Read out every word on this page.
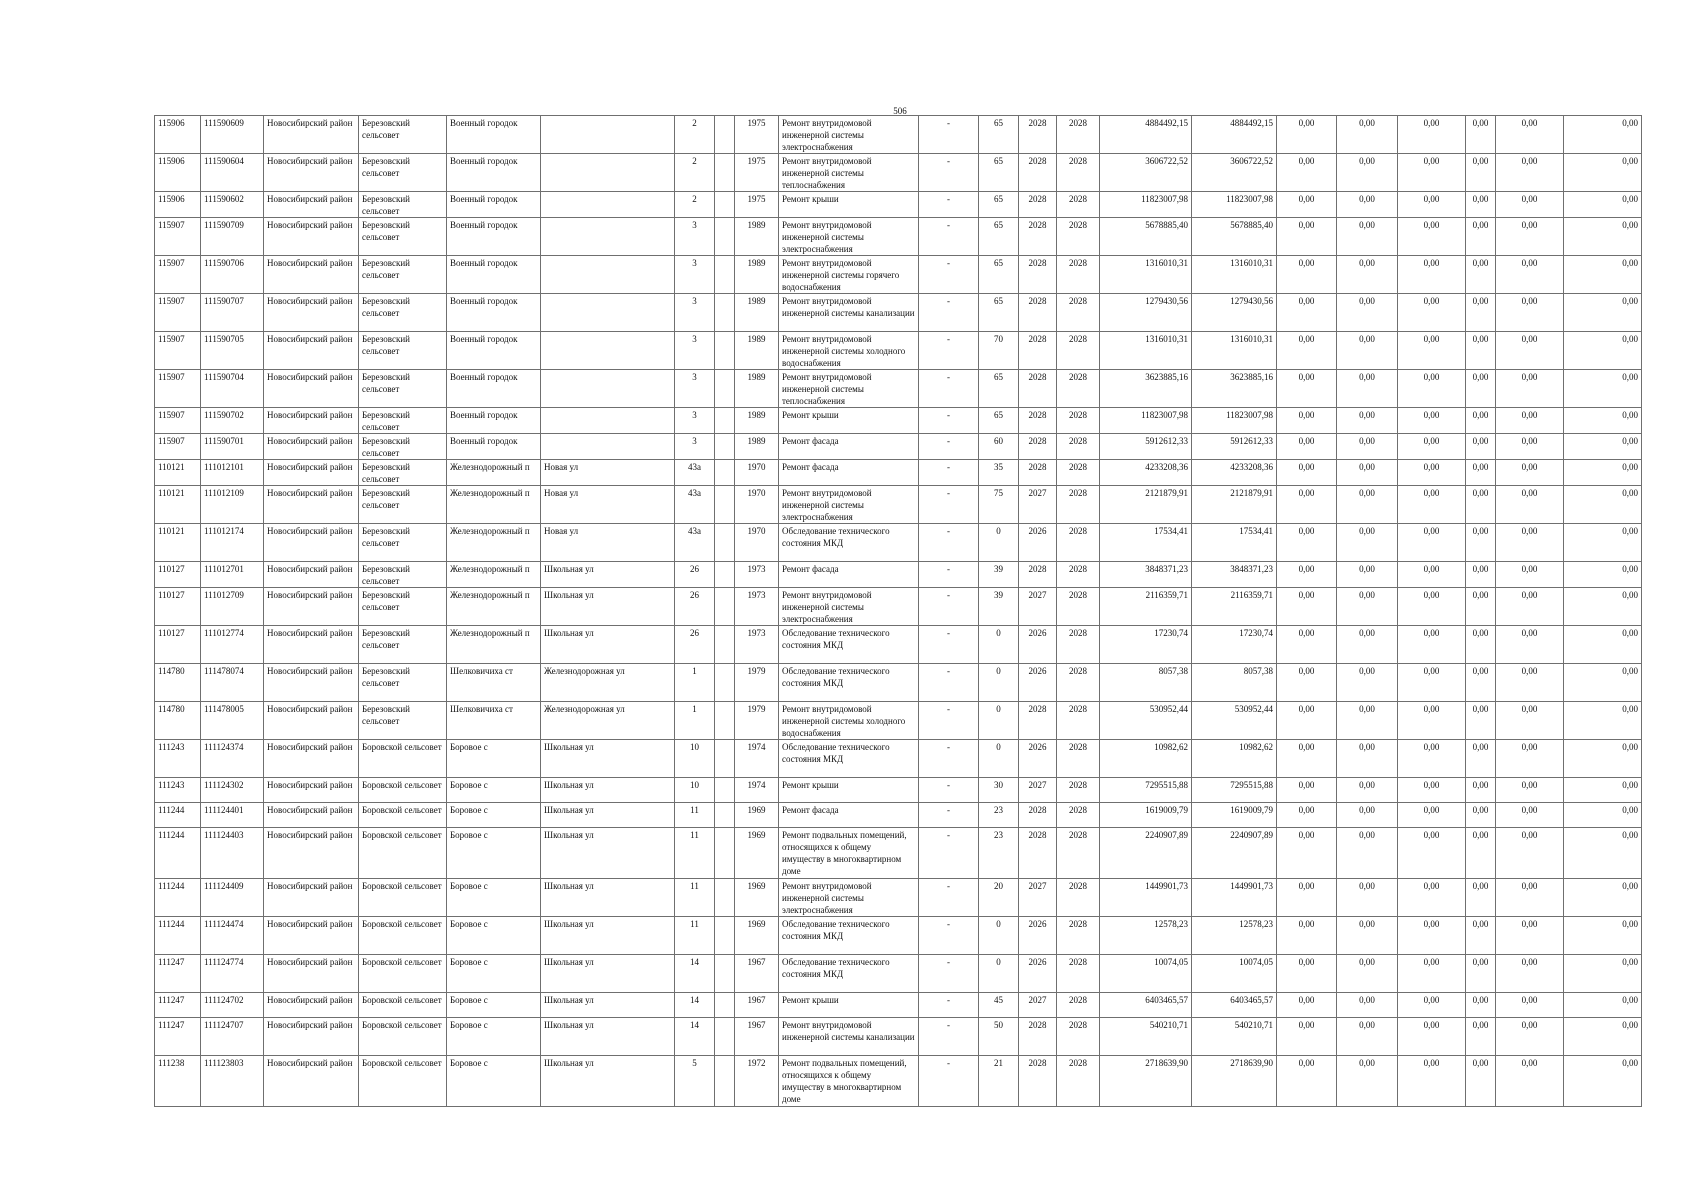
506
115906	111590609	Новосибирский район	Березовский сельсовет	Военный городок		2		1975	Ремонт внутридомовой инженерной системы электроснабжения	-	65	2028	2028	4884492,15	4884492,15	0,00	0,00	0,00	0,00	0,00	0,00
115906	111590604	Новосибирский район	Березовский сельсовет	Военный городок		2		1975	Ремонт внутридомовой инженерной системы теплоснабжения	-	65	2028	2028	3606722,52	3606722,52	0,00	0,00	0,00	0,00	0,00	0,00
115906	111590602	Новосибирский район	Березовский сельсовет	Военный городок		2		1975	Ремонт крыши	-	65	2028	2028	11823007,98	11823007,98	0,00	0,00	0,00	0,00	0,00	0,00
115907	111590709	Новосибирский район	Березовский сельсовет	Военный городок		3		1989	Ремонт внутридомовой инженерной системы электроснабжения	-	65	2028	2028	5678885,40	5678885,40	0,00	0,00	0,00	0,00	0,00	0,00
115907	111590706	Новосибирский район	Березовский сельсовет	Военный городок		3		1989	Ремонт внутридомовой инженерной системы горячего водоснабжения	-	65	2028	2028	1316010,31	1316010,31	0,00	0,00	0,00	0,00	0,00	0,00
115907	111590707	Новосибирский район	Березовский сельсовет	Военный городок		3		1989	Ремонт внутридомовой инженерной системы канализации	-	65	2028	2028	1279430,56	1279430,56	0,00	0,00	0,00	0,00	0,00	0,00
115907	111590705	Новосибирский район	Березовский сельсовет	Военный городок		3		1989	Ремонт внутридомовой инженерной системы холодного водоснабжения	-	70	2028	2028	1316010,31	1316010,31	0,00	0,00	0,00	0,00	0,00	0,00
115907	111590704	Новосибирский район	Березовский сельсовет	Военный городок		3		1989	Ремонт внутридомовой инженерной системы теплоснабжения	-	65	2028	2028	3623885,16	3623885,16	0,00	0,00	0,00	0,00	0,00	0,00
115907	111590702	Новосибирский район	Березовский сельсовет	Военный городок		3		1989	Ремонт крыши	-	65	2028	2028	11823007,98	11823007,98	0,00	0,00	0,00	0,00	0,00	0,00
115907	111590701	Новосибирский район	Березовский сельсовет	Военный городок		3		1989	Ремонт фасада	-	60	2028	2028	5912612,33	5912612,33	0,00	0,00	0,00	0,00	0,00	0,00
110121	111012101	Новосибирский район	Березовский сельсовет	Железнодорожный п	Новая ул	43а		1970	Ремонт фасада	-	35	2028	2028	4233208,36	4233208,36	0,00	0,00	0,00	0,00	0,00	0,00
110121	111012109	Новосибирский район	Березовский сельсовет	Железнодорожный п	Новая ул	43а		1970	Ремонт внутридомовой инженерной системы электроснабжения	-	75	2027	2028	2121879,91	2121879,91	0,00	0,00	0,00	0,00	0,00	0,00
110121	111012174	Новосибирский район	Березовский сельсовет	Железнодорожный п	Новая ул	43а		1970	Обследование технического состояния МКД	-	0	2026	2028	17534,41	17534,41	0,00	0,00	0,00	0,00	0,00	0,00
110127	111012701	Новосибирский район	Березовский сельсовет	Железнодорожный п	Школьная ул	26		1973	Ремонт фасада	-	39	2028	2028	3848371,23	3848371,23	0,00	0,00	0,00	0,00	0,00	0,00
110127	111012709	Новосибирский район	Березовский сельсовет	Железнодорожный п	Школьная ул	26		1973	Ремонт внутридомовой инженерной системы электроснабжения	-	39	2027	2028	2116359,71	2116359,71	0,00	0,00	0,00	0,00	0,00	0,00
110127	111012774	Новосибирский район	Березовский сельсовет	Железнодорожный п	Школьная ул	26		1973	Обследование технического состояния МКД	-	0	2026	2028	17230,74	17230,74	0,00	0,00	0,00	0,00	0,00	0,00
114780	111478074	Новосибирский район	Березовский сельсовет	Шелковичиха ст	Железнодорожная ул	1		1979	Обследование технического состояния МКД	-	0	2026	2028	8057,38	8057,38	0,00	0,00	0,00	0,00	0,00	0,00
114780	111478005	Новосибирский район	Березовский сельсовет	Шелковичиха ст	Железнодорожная ул	1		1979	Ремонт внутридомовой инженерной системы холодного водоснабжения	-	0	2028	2028	530952,44	530952,44	0,00	0,00	0,00	0,00	0,00	0,00
111243	111124374	Новосибирский район	Боровской сельсовет	Боровое с	Школьная ул	10		1974	Обследование технического состояния МКД	-	0	2026	2028	10982,62	10982,62	0,00	0,00	0,00	0,00	0,00	0,00
111243	111124302	Новосибирский район	Боровской сельсовет	Боровое с	Школьная ул	10		1974	Ремонт крыши	-	30	2027	2028	7295515,88	7295515,88	0,00	0,00	0,00	0,00	0,00	0,00
111244	111124401	Новосибирский район	Боровской сельсовет	Боровое с	Школьная ул	11		1969	Ремонт фасада	-	23	2028	2028	1619009,79	1619009,79	0,00	0,00	0,00	0,00	0,00	0,00
111244	111124403	Новосибирский район	Боровской сельсовет	Боровое с	Школьная ул	11		1969	Ремонт подвальных помещений, относящихся к общему имуществу в многоквартирном доме	-	23	2028	2028	2240907,89	2240907,89	0,00	0,00	0,00	0,00	0,00	0,00
111244	111124409	Новосибирский район	Боровской сельсовет	Боровое с	Школьная ул	11		1969	Ремонт внутридомовой инженерной системы электроснабжения	-	20	2027	2028	1449901,73	1449901,73	0,00	0,00	0,00	0,00	0,00	0,00
111244	111124474	Новосибирский район	Боровской сельсовет	Боровое с	Школьная ул	11		1969	Обследование технического состояния МКД	-	0	2026	2028	12578,23	12578,23	0,00	0,00	0,00	0,00	0,00	0,00
111247	111124774	Новосибирский район	Боровской сельсовет	Боровое с	Школьная ул	14		1967	Обследование технического состояния МКД	-	0	2026	2028	10074,05	10074,05	0,00	0,00	0,00	0,00	0,00	0,00
111247	111124702	Новосибирский район	Боровской сельсовет	Боровое с	Школьная ул	14		1967	Ремонт крыши	-	45	2027	2028	6403465,57	6403465,57	0,00	0,00	0,00	0,00	0,00	0,00
111247	111124707	Новосибирский район	Боровской сельсовет	Боровое с	Школьная ул	14		1967	Ремонт внутридомовой инженерной системы канализации	-	50	2028	2028	540210,71	540210,71	0,00	0,00	0,00	0,00	0,00	0,00
111238	111123803	Новосибирский район	Боровской сельсовет	Боровое с	Школьная ул	5		1972	Ремонт подвальных помещений, относящихся к общему имуществу в многоквартирном доме	-	21	2028	2028	2718639,90	2718639,90	0,00	0,00	0,00	0,00	0,00	0,00
